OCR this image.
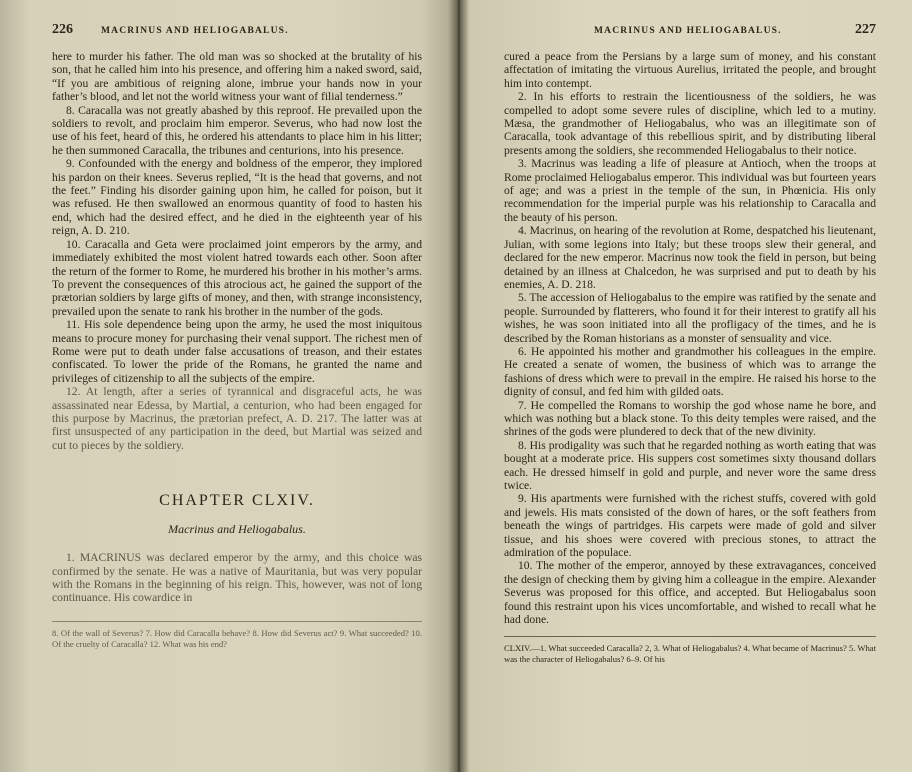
226	MACRINUS AND HELIOGABALUS.

here to murder his father. The old man was so shocked at the brutality of his son, that he called him into his presence, and offering him a naked sword, said, “If you are ambitious of reigning alone, imbrue your hands now in your father’s blood, and let not the world witness your want of filial tenderness.”

8. Caracalla was not greatly abashed by this reproof. He prevailed upon the soldiers to revolt, and proclaim him emperor. Severus, who had now lost the use of his feet, heard of this, he ordered his attendants to place him in his litter; he then summoned Caracalla, the tribunes and centurions, into his presence.

9. Confounded with the energy and boldness of the emperor, they implored his pardon on their knees. Severus replied, “It is the head that governs, and not the feet.” Finding his disorder gaining upon him, he called for poison, but it was refused. He then swallowed an enormous quantity of food to hasten his end, which had the desired effect, and he died in the eighteenth year of his reign, A. D. 210.

10. Caracalla and Geta were proclaimed joint emperors by the army, and immediately exhibited the most violent hatred towards each other. Soon after the return of the former to Rome, he murdered his brother in his mother’s arms. To prevent the consequences of this atrocious act, he gained the support of the prætorian soldiers by large gifts of money, and then, with strange inconsistency, prevailed upon the senate to rank his brother in the number of the gods.

11. His sole dependence being upon the army, he used the most iniquitous means to procure money for purchasing their venal support. The richest men of Rome were put to death under false accusations of treason, and their estates confiscated. To lower the pride of the Romans, he granted the name and privileges of citizenship to all the subjects of the empire.

12. At length, after a series of tyrannical and disgraceful acts, he was assassinated near Edessa, by Martial, a centurion, who had been engaged for this purpose by Macrinus, the prætorian prefect, A. D. 217. The latter was at first unsuspected of any participation in the deed, but Martial was seized and cut to pieces by the soldiery.

CHAPTER CLXIV.
Macrinus and Heliogabalus.

1. MACRINUS was declared emperor by the army, and this choice was confirmed by the senate. He was a native of Mauritania, but was very popular with the Romans in the beginning of his reign. This, however, was not of long continuance. His cowardice in

8. Of the wall of Severus? 7. How did Caracalla behave? 8. How did Severus act? 9. What succeeded? 10. Of the cruelty of Caracalla? 12. What was his end?
MACRINUS AND HELIOGABALUS.	227

cured a peace from the Persians by a large sum of money, and his constant affectation of imitating the virtuous Aurelius, irritated the people, and brought him into contempt.

2. In his efforts to restrain the licentiousness of the soldiers, he was compelled to adopt some severe rules of discipline, which led to a mutiny. Mæsa, the grandmother of Heliogabalus, who was an illegitimate son of Caracalla, took advantage of this rebellious spirit, and by distributing liberal presents among the soldiers, she recommended Heliogabalus to their notice.

3. Macrinus was leading a life of pleasure at Antioch, when the troops at Rome proclaimed Heliogabalus emperor. This individual was but fourteen years of age; and was a priest in the temple of the sun, in Phœnicia. His only recommendation for the imperial purple was his relationship to Caracalla and the beauty of his person.

4. Macrinus, on hearing of the revolution at Rome, despatched his lieutenant, Julian, with some legions into Italy; but these troops slew their general, and declared for the new emperor. Macrinus now took the field in person, but being detained by an illness at Chalcedon, he was surprised and put to death by his enemies, A. D. 218.

5. The accession of Heliogabalus to the empire was ratified by the senate and people. Surrounded by flatterers, who found it for their interest to gratify all his wishes, he was soon initiated into all the profligacy of the times, and he is described by the Roman historians as a monster of sensuality and vice.

6. He appointed his mother and grandmother his colleagues in the empire. He created a senate of women, the business of which was to arrange the fashions of dress which were to prevail in the empire. He raised his horse to the dignity of consul, and fed him with gilded oats.

7. He compelled the Romans to worship the god whose name he bore, and which was nothing but a black stone. To this deity temples were raised, and the shrines of the gods were plundered to deck that of the new divinity.

8. His prodigality was such that he regarded nothing as worth eating that was bought at a moderate price. His suppers cost sometimes sixty thousand dollars each. He dressed himself in gold and purple, and never wore the same dress twice.

9. His apartments were furnished with the richest stuffs, covered with gold and jewels. His mats consisted of the down of hares, or the soft feathers from beneath the wings of partridges. His carpets were made of gold and silver tissue, and his shoes were covered with precious stones, to attract the admiration of the populace.

10. The mother of the emperor, annoyed by these extravagances, conceived the design of checking them by giving him a colleague in the empire. Alexander Severus was proposed for this office, and accepted. But Heliogabalus soon found this restraint upon his vices uncomfortable, and wished to recall what he had done.

CLXIV.—1. What succeeded Caracalla? 2, 3. What of Heliogabalus? 4. What became of Macrinus? 5. What was the character of Heliogabalus? 6–9. Of his
